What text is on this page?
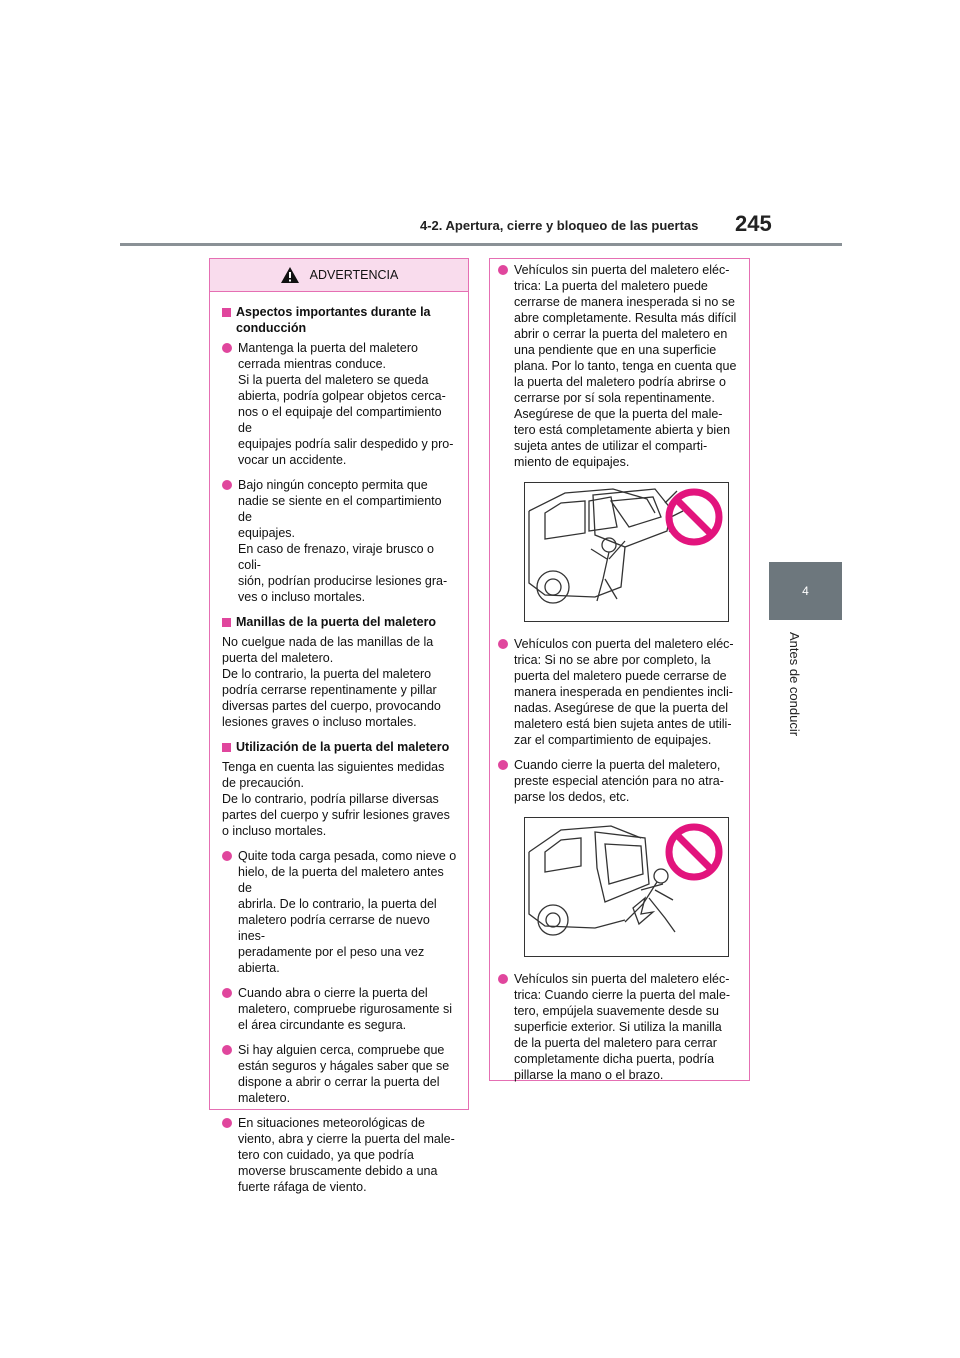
4-2. Apertura, cierre y bloqueo de las puertas 245
4
Antes de conducir
ADVERTENCIA
Aspectos importantes durante la conducción
Mantenga la puerta del maletero
cerrada mientras conduce.
Si la puerta del maletero se queda
abierta, podría golpear objetos cerca-
nos o el equipaje del compartimiento de
equipajes podría salir despedido y pro-
vocar un accidente.
Bajo ningún concepto permita que
nadie se siente en el compartimiento de
equipajes.
En caso de frenazo, viraje brusco o coli-
sión, podrían producirse lesiones gra-
ves o incluso mortales.
Manillas de la puerta del maletero
No cuelgue nada de las manillas de la
puerta del maletero.
De lo contrario, la puerta del maletero
podría cerrarse repentinamente y pillar
diversas partes del cuerpo, provocando
lesiones graves o incluso mortales.
Utilización de la puerta del maletero
Tenga en cuenta las siguientes medidas
de precaución.
De lo contrario, podría pillarse diversas
partes del cuerpo y sufrir lesiones graves
o incluso mortales.
Quite toda carga pesada, como nieve o
hielo, de la puerta del maletero antes de
abrirla. De lo contrario, la puerta del
maletero podría cerrarse de nuevo ines-
peradamente por el peso una vez
abierta.
Cuando abra o cierre la puerta del
maletero, compruebe rigurosamente si
el área circundante es segura.
Si hay alguien cerca, compruebe que
están seguros y hágales saber que se
dispone a abrir o cerrar la puerta del
maletero.
En situaciones meteorológicas de
viento, abra y cierre la puerta del male-
tero con cuidado, ya que podría
moverse bruscamente debido a una
fuerte ráfaga de viento.
Vehículos sin puerta del maletero eléc-
trica: La puerta del maletero puede
cerrarse de manera inesperada si no se
abre completamente. Resulta más difícil
abrir o cerrar la puerta del maletero en
una pendiente que en una superficie
plana. Por lo tanto, tenga en cuenta que
la puerta del maletero podría abrirse o
cerrarse por sí sola repentinamente.
Asegúrese de que la puerta del male-
tero está completamente abierta y bien
sujeta antes de utilizar el comparti-
miento de equipajes.
Vehículos con puerta del maletero eléc-
trica: Si no se abre por completo, la
puerta del maletero puede cerrarse de
manera inesperada en pendientes incli-
nadas. Asegúrese de que la puerta del
maletero está bien sujeta antes de utili-
zar el compartimiento de equipajes.
Cuando cierre la puerta del maletero,
preste especial atención para no atra-
parse los dedos, etc.
Vehículos sin puerta del maletero eléc-
trica: Cuando cierre la puerta del male-
tero, empújela suavemente desde su
superficie exterior. Si utiliza la manilla
de la puerta del maletero para cerrar
completamente dicha puerta, podría
pillarse la mano o el brazo.
